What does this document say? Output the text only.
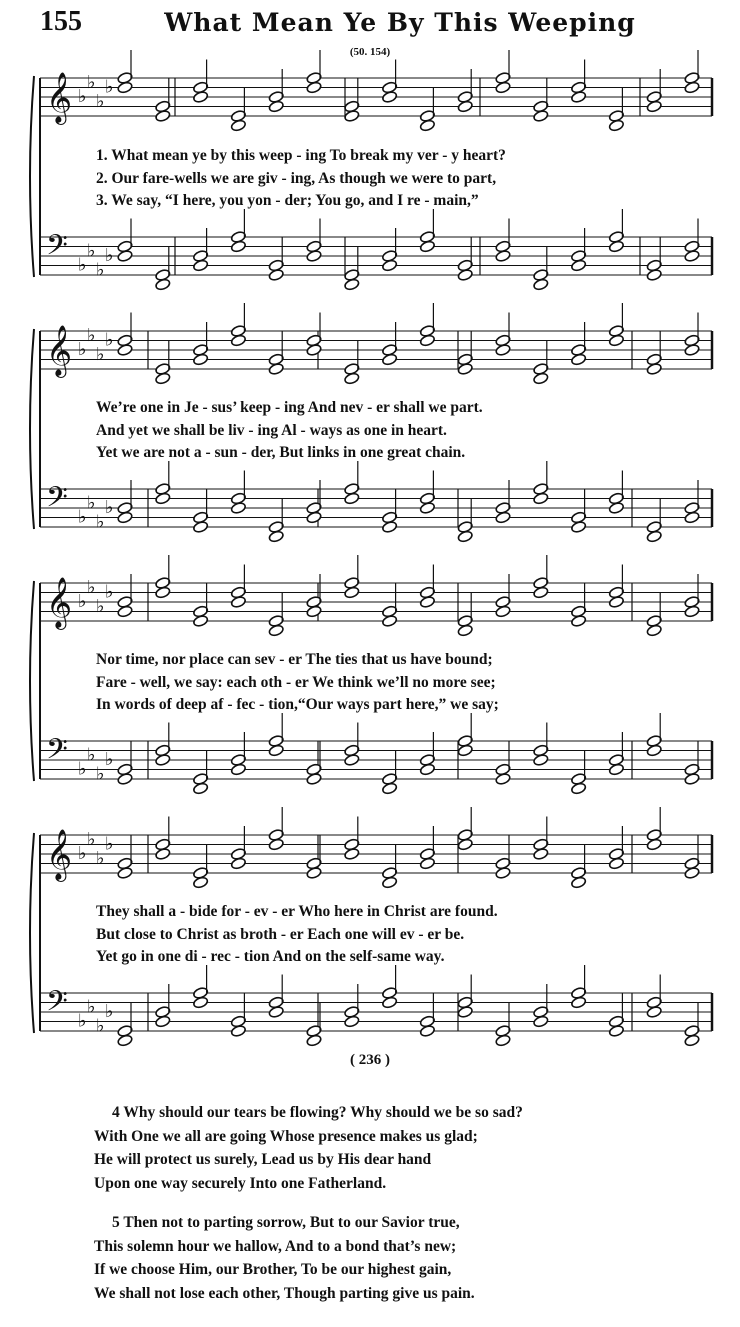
155	What Mean Ye By This Weeping
(50. 154)
𝄞 ♭
♭
♭
♭
𝄢 ♭
♭
♭
♭
𝄞 ♭
♭
♭
♭
𝄢 ♭
♭
♭
♭
𝄞 ♭
♭
♭
♭
𝄢 ♭
♭
♭
♭
𝄞 ♭
♭
♭
♭
𝄢 ♭
♭
♭
♭
1. What mean ye by this weep - ing To break my ver - y heart?
2. Our fare-wells we are giv - ing, As though we were to part,
3. We say, “I here, you yon - der; You go, and I re - main,”
We’re one in Je - sus’ keep - ing And nev - er shall we part.
And yet we shall be liv - ing Al - ways as one in heart.
Yet we are not a - sun - der, But links in one great chain.
Nor time, nor place can sev - er The ties that us have bound;
Fare - well, we say: each oth - er We think we’ll no more see;
In words of deep af - fec - tion,“Our ways part here,” we say;
They shall a - bide for - ev - er Who here in Christ are found.
But close to Christ as broth - er Each one will ev - er be.
Yet go in one di - rec - tion And on the self-same way.
( 236 )
4 Why should our tears be flowing? Why should we be so sad?
With One we all are going Whose presence makes us glad;
He will protect us surely, Lead us by His dear hand
Upon one way securely Into one Fatherland.
5 Then not to parting sorrow, But to our Savior true,
This solemn hour we hallow, And to a bond that’s new;
If we choose Him, our Brother, To be our highest gain,
We shall not lose each other, Though parting give us pain.
